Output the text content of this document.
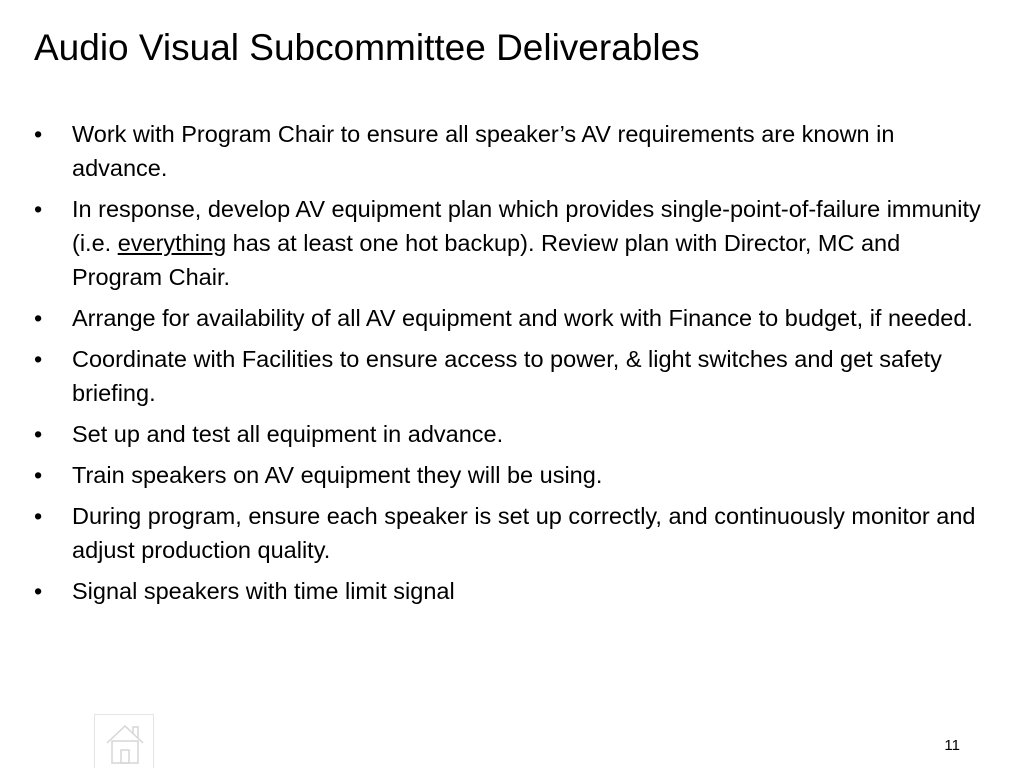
Audio Visual Subcommittee Deliverables
•	Work with Program Chair to ensure all speaker’s AV requirements are known in advance.
•	In response, develop AV equipment plan which provides single-point-of-failure immunity (i.e. everything has at least one hot backup). Review plan with Director, MC and Program Chair.
•	Arrange for availability of all AV equipment and work with Finance to budget, if needed.
•	Coordinate with Facilities to ensure access to power, & light switches and get safety briefing.
•	Set up and test all equipment in advance.
•	Train speakers on AV equipment they will be using.
•	During program, ensure each speaker is set up correctly, and continuously monitor and adjust production quality.
•	Signal speakers with time limit signal
11
